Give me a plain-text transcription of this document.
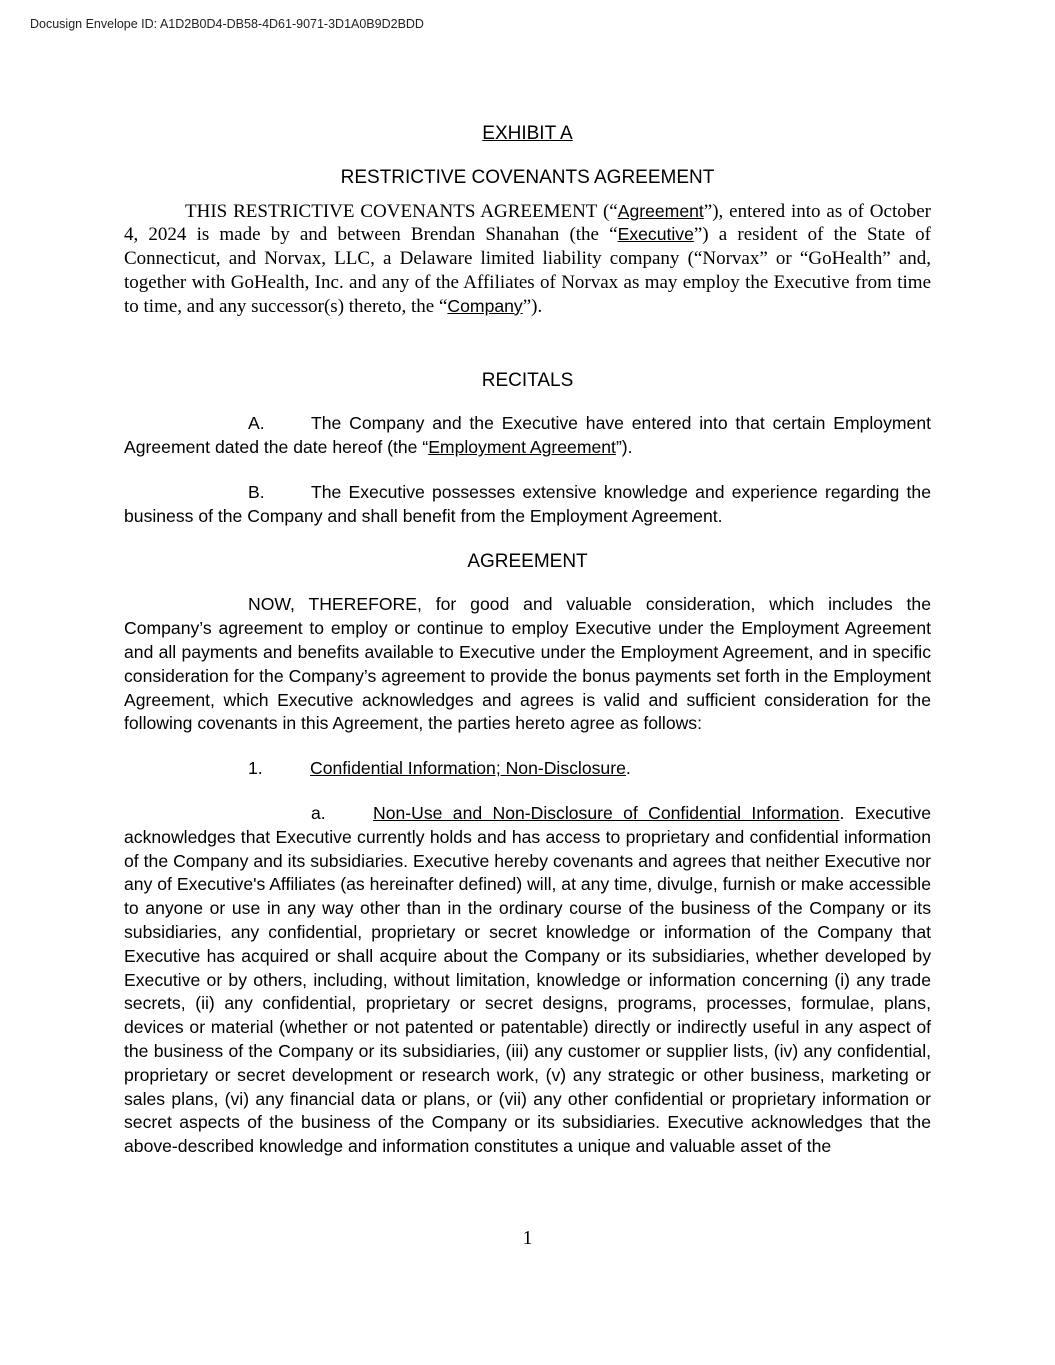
Docusign Envelope ID: A1D2B0D4-DB58-4D61-9071-3D1A0B9D2BDD

EXHIBIT A

RESTRICTIVE COVENANTS AGREEMENT

THIS RESTRICTIVE COVENANTS AGREEMENT (“Agreement”), entered into as of October 4, 2024 is made by and between Brendan Shanahan (the “Executive”) a resident of the State of Connecticut, and Norvax, LLC, a Delaware limited liability company (“Norvax” or “GoHealth” and, together with GoHealth, Inc. and any of the Affiliates of Norvax as may employ the Executive from time to time, and any successor(s) thereto, the “Company”).

RECITALS

A.	The Company and the Executive have entered into that certain Employment Agreement dated the date hereof (the “Employment Agreement”).

B.	The Executive possesses extensive knowledge and experience regarding the business of the Company and shall benefit from the Employment Agreement.

AGREEMENT

NOW, THEREFORE, for good and valuable consideration, which includes the Company’s agreement to employ or continue to employ Executive under the Employment Agreement and all payments and benefits available to Executive under the Employment Agreement, and in specific consideration for the Company’s agreement to provide the bonus payments set forth in the Employment Agreement, which Executive acknowledges and agrees is valid and sufficient consideration for the following covenants in this Agreement, the parties hereto agree as follows:

1.	Confidential Information; Non-Disclosure.

a.	Non-Use and Non-Disclosure of Confidential Information. Executive acknowledges that Executive currently holds and has access to proprietary and confidential information of the Company and its subsidiaries. Executive hereby covenants and agrees that neither Executive nor any of Executive's Affiliates (as hereinafter defined) will, at any time, divulge, furnish or make accessible to anyone or use in any way other than in the ordinary course of the business of the Company or its subsidiaries, any confidential, proprietary or secret knowledge or information of the Company that Executive has acquired or shall acquire about the Company or its subsidiaries, whether developed by Executive or by others, including, without limitation, knowledge or information concerning (i) any trade secrets, (ii) any confidential, proprietary or secret designs, programs, processes, formulae, plans, devices or material (whether or not patented or patentable) directly or indirectly useful in any aspect of the business of the Company or its subsidiaries, (iii) any customer or supplier lists, (iv) any confidential, proprietary or secret development or research work, (v) any strategic or other business, marketing or sales plans, (vi) any financial data or plans, or (vii) any other confidential or proprietary information or secret aspects of the business of the Company or its subsidiaries. Executive acknowledges that the above-described knowledge and information constitutes a unique and valuable asset of the

1
